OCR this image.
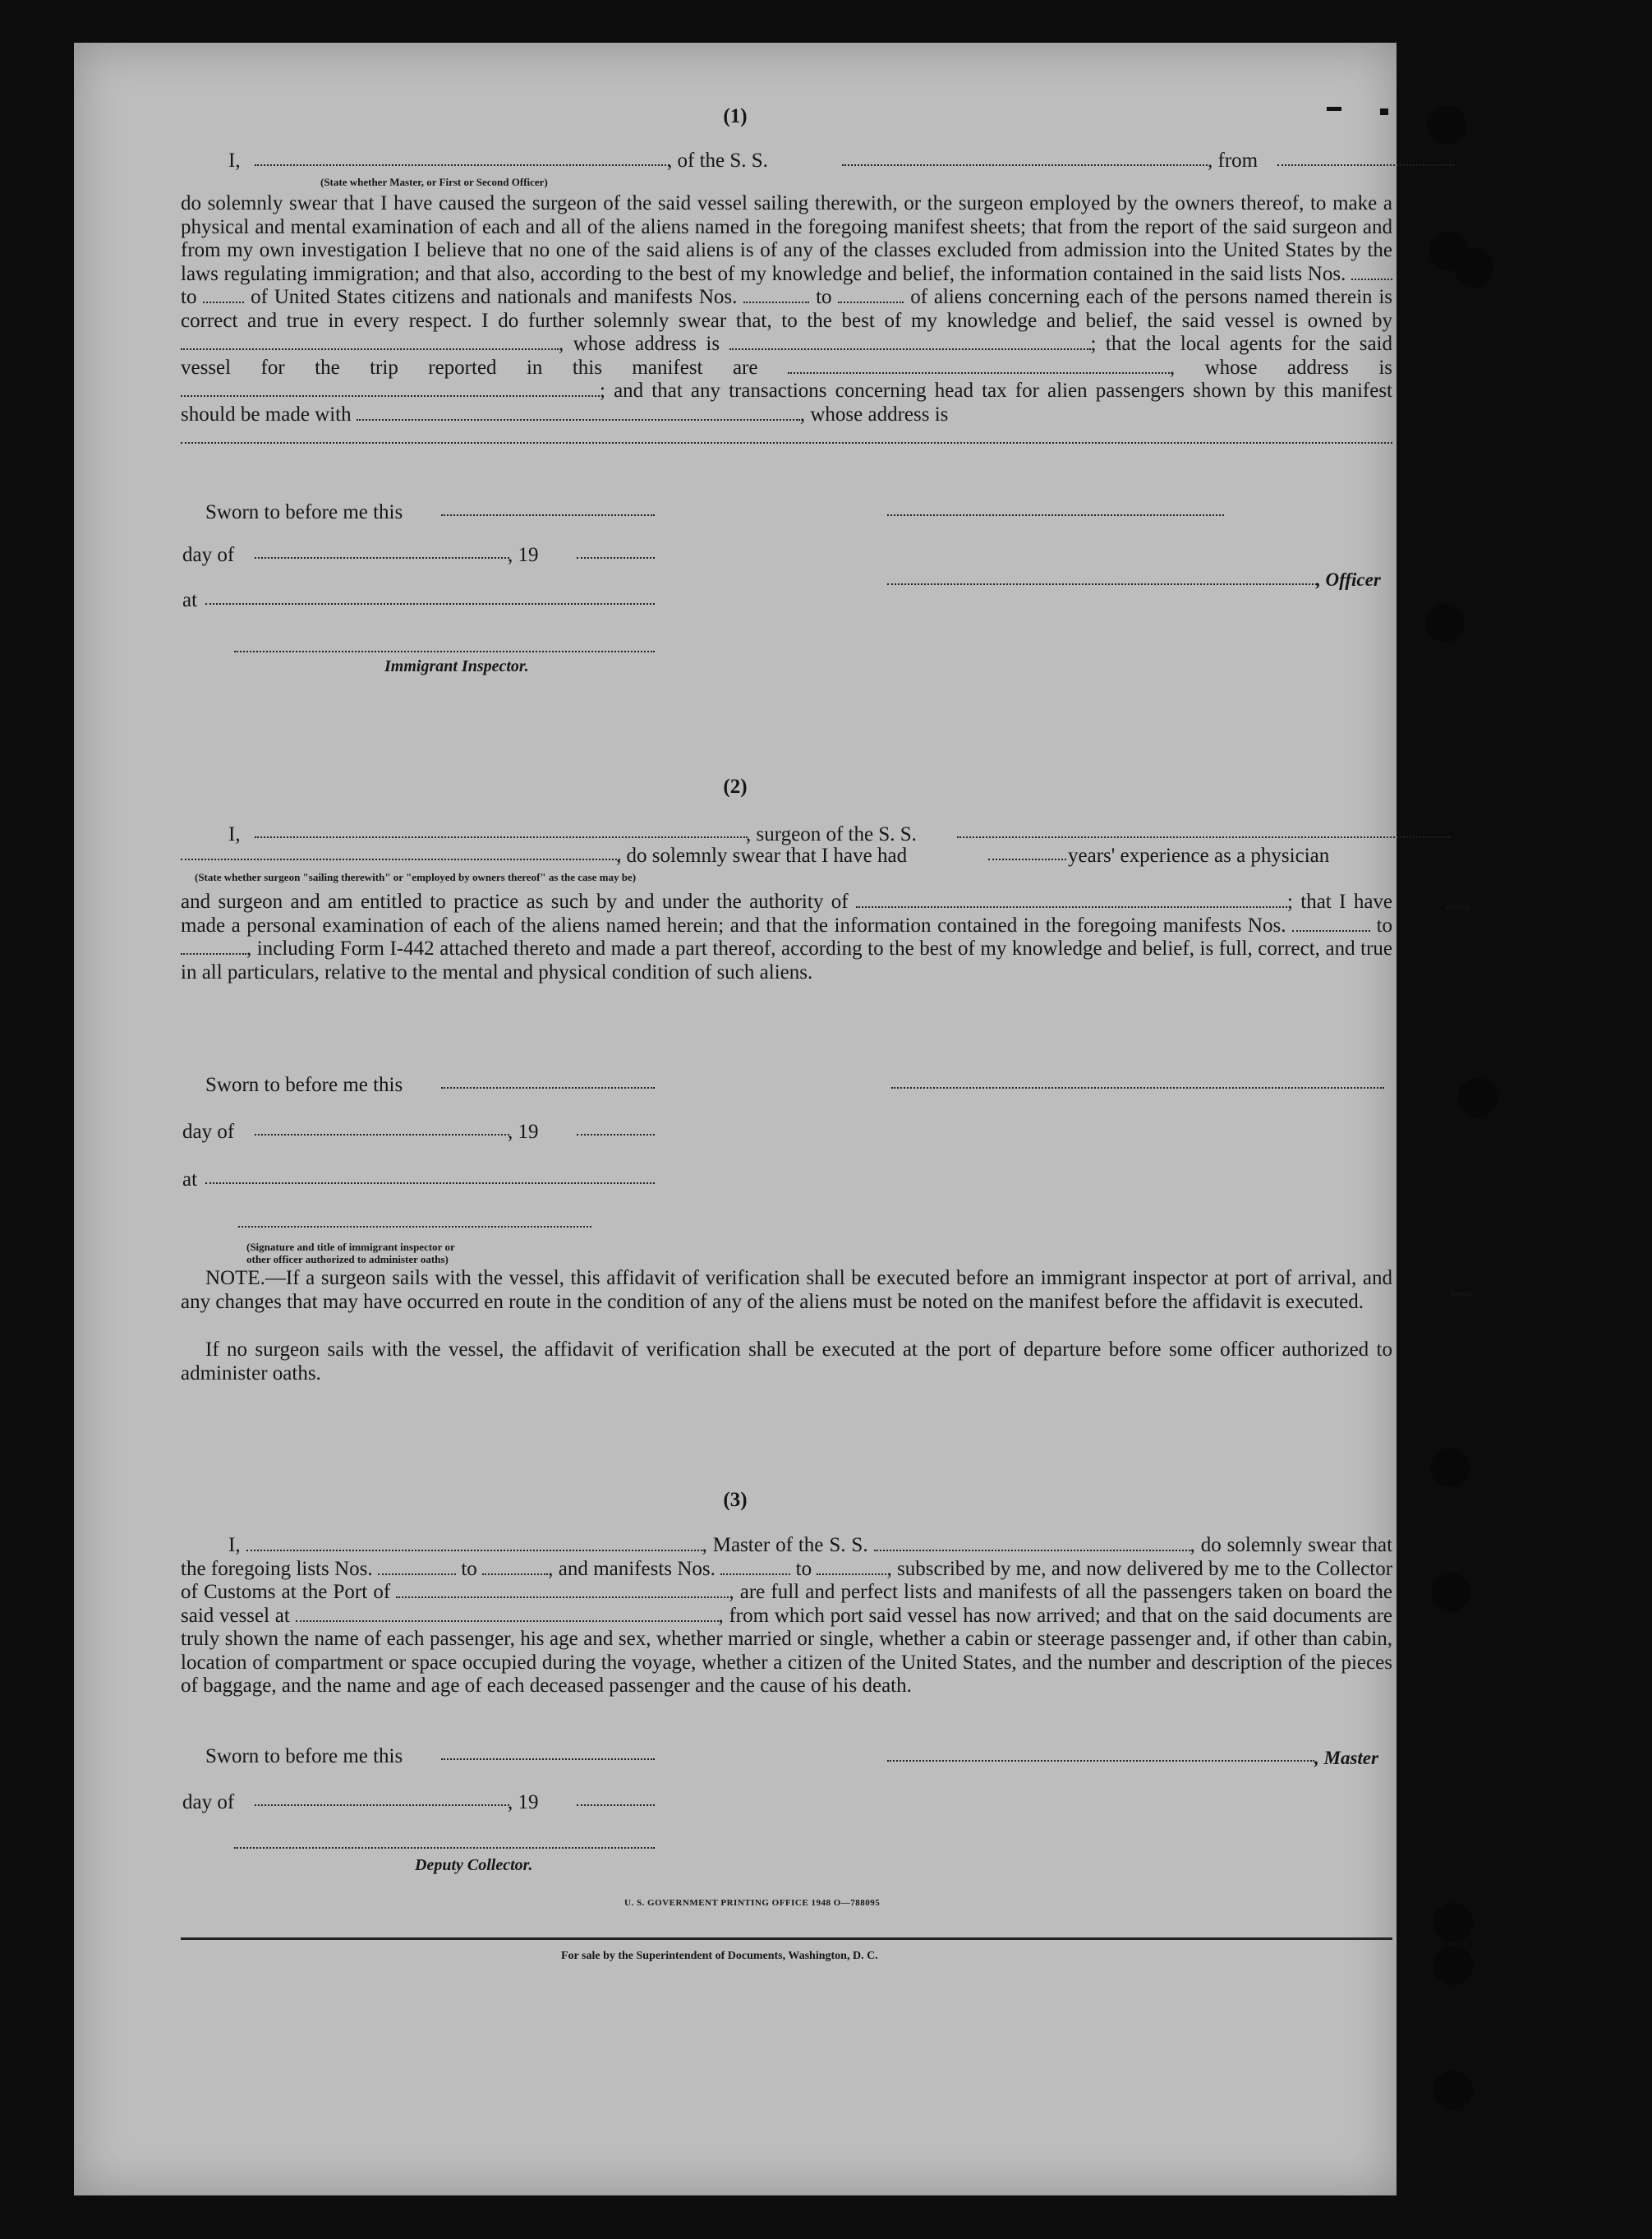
(1)
I,	, of the S. S.	, from
(State whether Master, or First or Second Officer)
do solemnly swear that I have caused the surgeon of the said vessel sailing therewith, or the surgeon employed by the owners thereof, to make a physical and mental examination of each and all of the aliens named in the foregoing manifest sheets; that from the report of the said surgeon and from my own investigation I believe that no one of the said aliens is of any of the classes excluded from admission into the United States by the laws regulating immigration; and that also, according to the best of my knowledge and belief, the information contained in the said lists Nos.  to	of United States citizens and nationals and manifests Nos.	to	of aliens concerning each of the persons named therein is correct and true in every respect. I do further solemnly swear that, to the best of my knowledge and belief, the said vessel is owned by , whose address is	; that the local agents for the said vessel for the trip reported in this manifest are	, whose address is ; and that any transactions concerning head tax for alien passengers shown by this manifest should be made with	, whose address is

Sworn to before me this
day of	, 19
, Officer
at
Immigrant Inspector.
(2)
I,	, surgeon of the S. S.
, do solemnly swear that I have had	years' experience as a physician
(State whether surgeon "sailing therewith" or "employed by owners thereof" as the case may be)
and surgeon and am entitled to practice as such by and under the authority of	; that I have made a personal examination of each of the aliens named herein; and that the information contained in the foregoing manifests Nos.	to , including Form I-442 attached thereto and made a part thereof, according to the best of my knowledge and belief, is full, correct, and true in all particulars, relative to the mental and physical condition of such aliens.
Sworn to before me this
day of	, 19
at
(Signature and title of immigrant inspector or
other officer authorized to administer oaths)
NOTE.—If a surgeon sails with the vessel, this affidavit of verification shall be executed before an immigrant inspector at port of arrival, and any changes that may have occurred en route in the condition of any of the aliens must be noted on the manifest before the affidavit is executed.
If no surgeon sails with the vessel, the affidavit of verification shall be executed at the port of departure before some officer authorized to administer oaths.
(3)
I,	, Master of the S. S.	, do solemnly swear that the foregoing lists Nos.	to	, and manifests Nos.	to	, subscribed by me, and now delivered by me to the Collector of Customs at the Port of	, are full and perfect lists and manifests of all the passengers taken on board the said vessel at	, from which port said vessel has now arrived; and that on the said documents are truly shown the name of each passenger, his age and sex, whether married or single, whether a cabin or steerage passenger and, if other than cabin, location of compartment or space occupied during the voyage, whether a citizen of the United States, and the number and description of the pieces of baggage, and the name and age of each deceased passenger and the cause of his death.
Sworn to before me this	, Master
day of	, 19
Deputy Collector.
U. S. GOVERNMENT PRINTING OFFICE 1948 O—788095
For sale by the Superintendent of Documents, Washington, D. C.
